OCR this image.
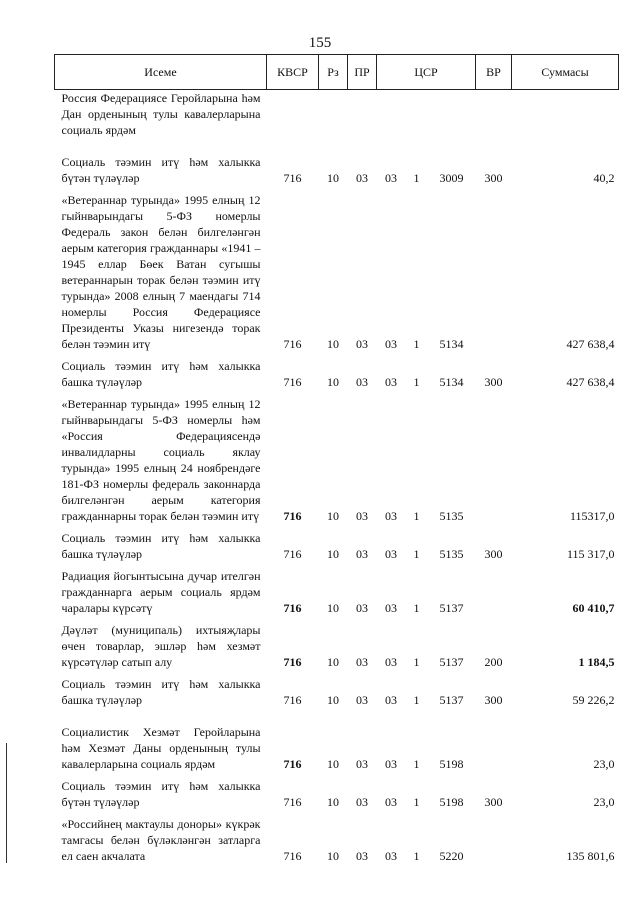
155
Исеме	КВСР	Рз	ПР	ЦСР			ВР	Суммасы
Россия Федерациясе Геройларына һәм Дан орденының тулы кавалерларына социаль ярдәм								
Социаль тәэмин итү һәм халыкка бүтән түләүләр	716	10	03	03	1	3009	300	40,2
«Ветераннар турында» 1995 елның 12 гыйнварындагы 5-ФЗ номерлы Федераль закон белән билгеләнгән аерым категория гражданнары «1941 – 1945 еллар Бөек Ватан сугышы ветераннарын торак белән тәэмин итү турында» 2008 елның 7 маендагы 714 номерлы Россия Федерациясе Президенты Указы нигезендә торак белән тәэмин итү	716	10	03	03	1	5134		427 638,4
Социаль тәэмин итү һәм халыкка башка түләүләр	716	10	03	03	1	5134	300	427 638,4
«Ветераннар турында» 1995 елның 12 гыйнварындагы 5-ФЗ номерлы һәм «Россия Федерациясендә инвалидларны социаль яклау турында» 1995 елның 24 ноябрендәге 181-ФЗ номерлы федераль законнарда билгеләнгән аерым категория гражданнарны торак белән тәэмин итү	716	10	03	03	1	5135		115317,0
Социаль тәэмин итү һәм халыкка башка түләүләр	716	10	03	03	1	5135	300	115 317,0
Радиация йогынтысына дучар ителгән гражданнарга аерым социаль ярдәм чаралары күрсәтү	716	10	03	03	1	5137		60 410,7
Дәүләт (муниципаль) ихтыяҗлары өчен товарлар, эшләр һәм хезмәт күрсәтүләр сатып алу	716	10	03	03	1	5137	200	1 184,5
Социаль тәэмин итү һәм халыкка башка түләүләр	716	10	03	03	1	5137	300	59 226,2
Социалистик Хезмәт Геройларына һәм Хезмәт Даны орденының тулы кавалерларына социаль ярдәм	716	10	03	03	1	5198		23,0
Социаль тәэмин итү һәм халыкка бүтән түләүләр	716	10	03	03	1	5198	300	23,0
«Российнең мактаулы доноры» күкрәк тамгасы белән бүләкләнгән затларга ел саен акчалата	716	10	03	03	1	5220		135 801,6
